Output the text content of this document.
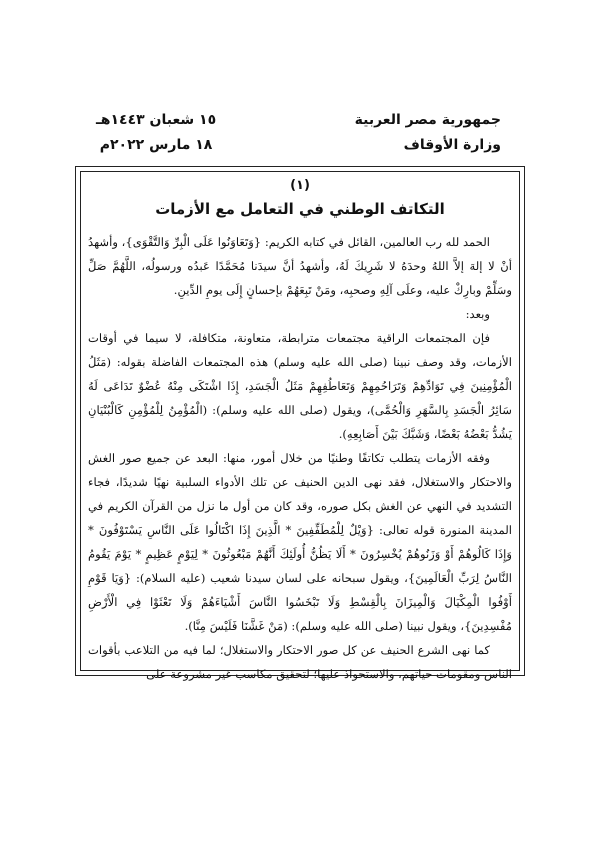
جمهورية مصر العربية
وزارة الأوقاف
١٥ شعبان ١٤٤٣هـ
١٨ مارس ٢٠٢٢م
(١)
التكاتف الوطني في التعامل مع الأزمات

الحمد لله رب العالمين، القائل في كتابه الكريم: {وَتَعَاوَنُوا عَلَى الْبِرِّ وَالتَّقْوَى}، وأشهدُ أنْ لا إلهَ إلاَّ اللهُ وحدَهُ لا شَرِيكَ لَهُ، وأشهدُ أنَّ سيدَنا مُحَمَّدًا عَبدُه ورسولُه، اللَّهُمَّ صَلِّ وسَلِّمْ وبارِكْ عليه، وعلَى آلِهِ وصحبِه، ومَنْ تَبِعَهُمْ بإحسانٍ إِلَى يومِ الدِّينِ.

وبعد:

فإن المجتمعات الراقية مجتمعات مترابطة، متعاونة، متكافلة، لا سيما في أوقات الأزمات، وقد وصف نبينا (صلى الله عليه وسلم) هذه المجتمعات الفاضلة بقوله: (مَثَلُ الْمُؤْمِنِينَ فِي تَوَادِّهِمْ وَتَرَاحُمِهِمْ وَتَعَاطُفِهِمْ مَثَلُ الْجَسَدِ، إِذَا اشْتَكَى مِنْهُ عُضْوٌ تَدَاعَى لَهُ سَائِرُ الْجَسَدِ بِالسَّهَرِ وَالْحُمَّى)، ويقول (صلى الله عليه وسلم): (الْمُؤْمِنُ لِلْمُؤْمِنِ كَالْبُنْيَانِ يَشُدُّ بَعْضُهُ بَعْضًا، وَشَبَّكَ بَيْنَ أَصَابِعِهِ).

وفقه الأزمات يتطلب تكاتفًا وطنيًا من خلال أمور، منها: البعد عن جميع صور الغش والاحتكار والاستغلال، فقد نهى الدين الحنيف عن تلك الأدواء السلبية نهيًا شديدًا، فجاء التشديد في النهي عن الغش بكل صوره، وقد كان من أول ما نزل من القرآن الكريم في المدينة المنورة قوله تعالى: {وَيْلٌ لِلْمُطَفِّفِينَ * الَّذِينَ إِذَا اكْتَالُوا عَلَى النَّاسِ يَسْتَوْفُونَ * وَإِذَا كَالُوهُمْ أَوْ وَزَنُوهُمْ يُخْسِرُونَ * أَلَا يَظُنُّ أُولَئِكَ أَنَّهُمْ مَبْعُوثُونَ * لِيَوْمٍ عَظِيمٍ * يَوْمَ يَقُومُ النَّاسُ لِرَبِّ الْعَالَمِينَ}، ويقول سبحانه على لسان سيدنا شعيب (عليه السلام): {وَيَا قَوْمِ أَوْفُوا الْمِكْيَالَ وَالْمِيزَانَ بِالْقِسْطِ وَلَا تَبْخَسُوا النَّاسَ أَشْيَاءَهُمْ وَلَا تَعْثَوْا فِي الْأَرْضِ مُفْسِدِينَ}، ويقول نبينا (صلى الله عليه وسلم): (مَنْ غَشَّنَا فَلَيْسَ مِنَّا).

كما نهى الشرع الحنيف عن كل صور الاحتكار والاستغلال؛ لما فيه من التلاعب بأقوات الناس ومقومات حياتهم، والاستحواذ عليها؛ لتحقيق مكاسب غير مشروعة على
